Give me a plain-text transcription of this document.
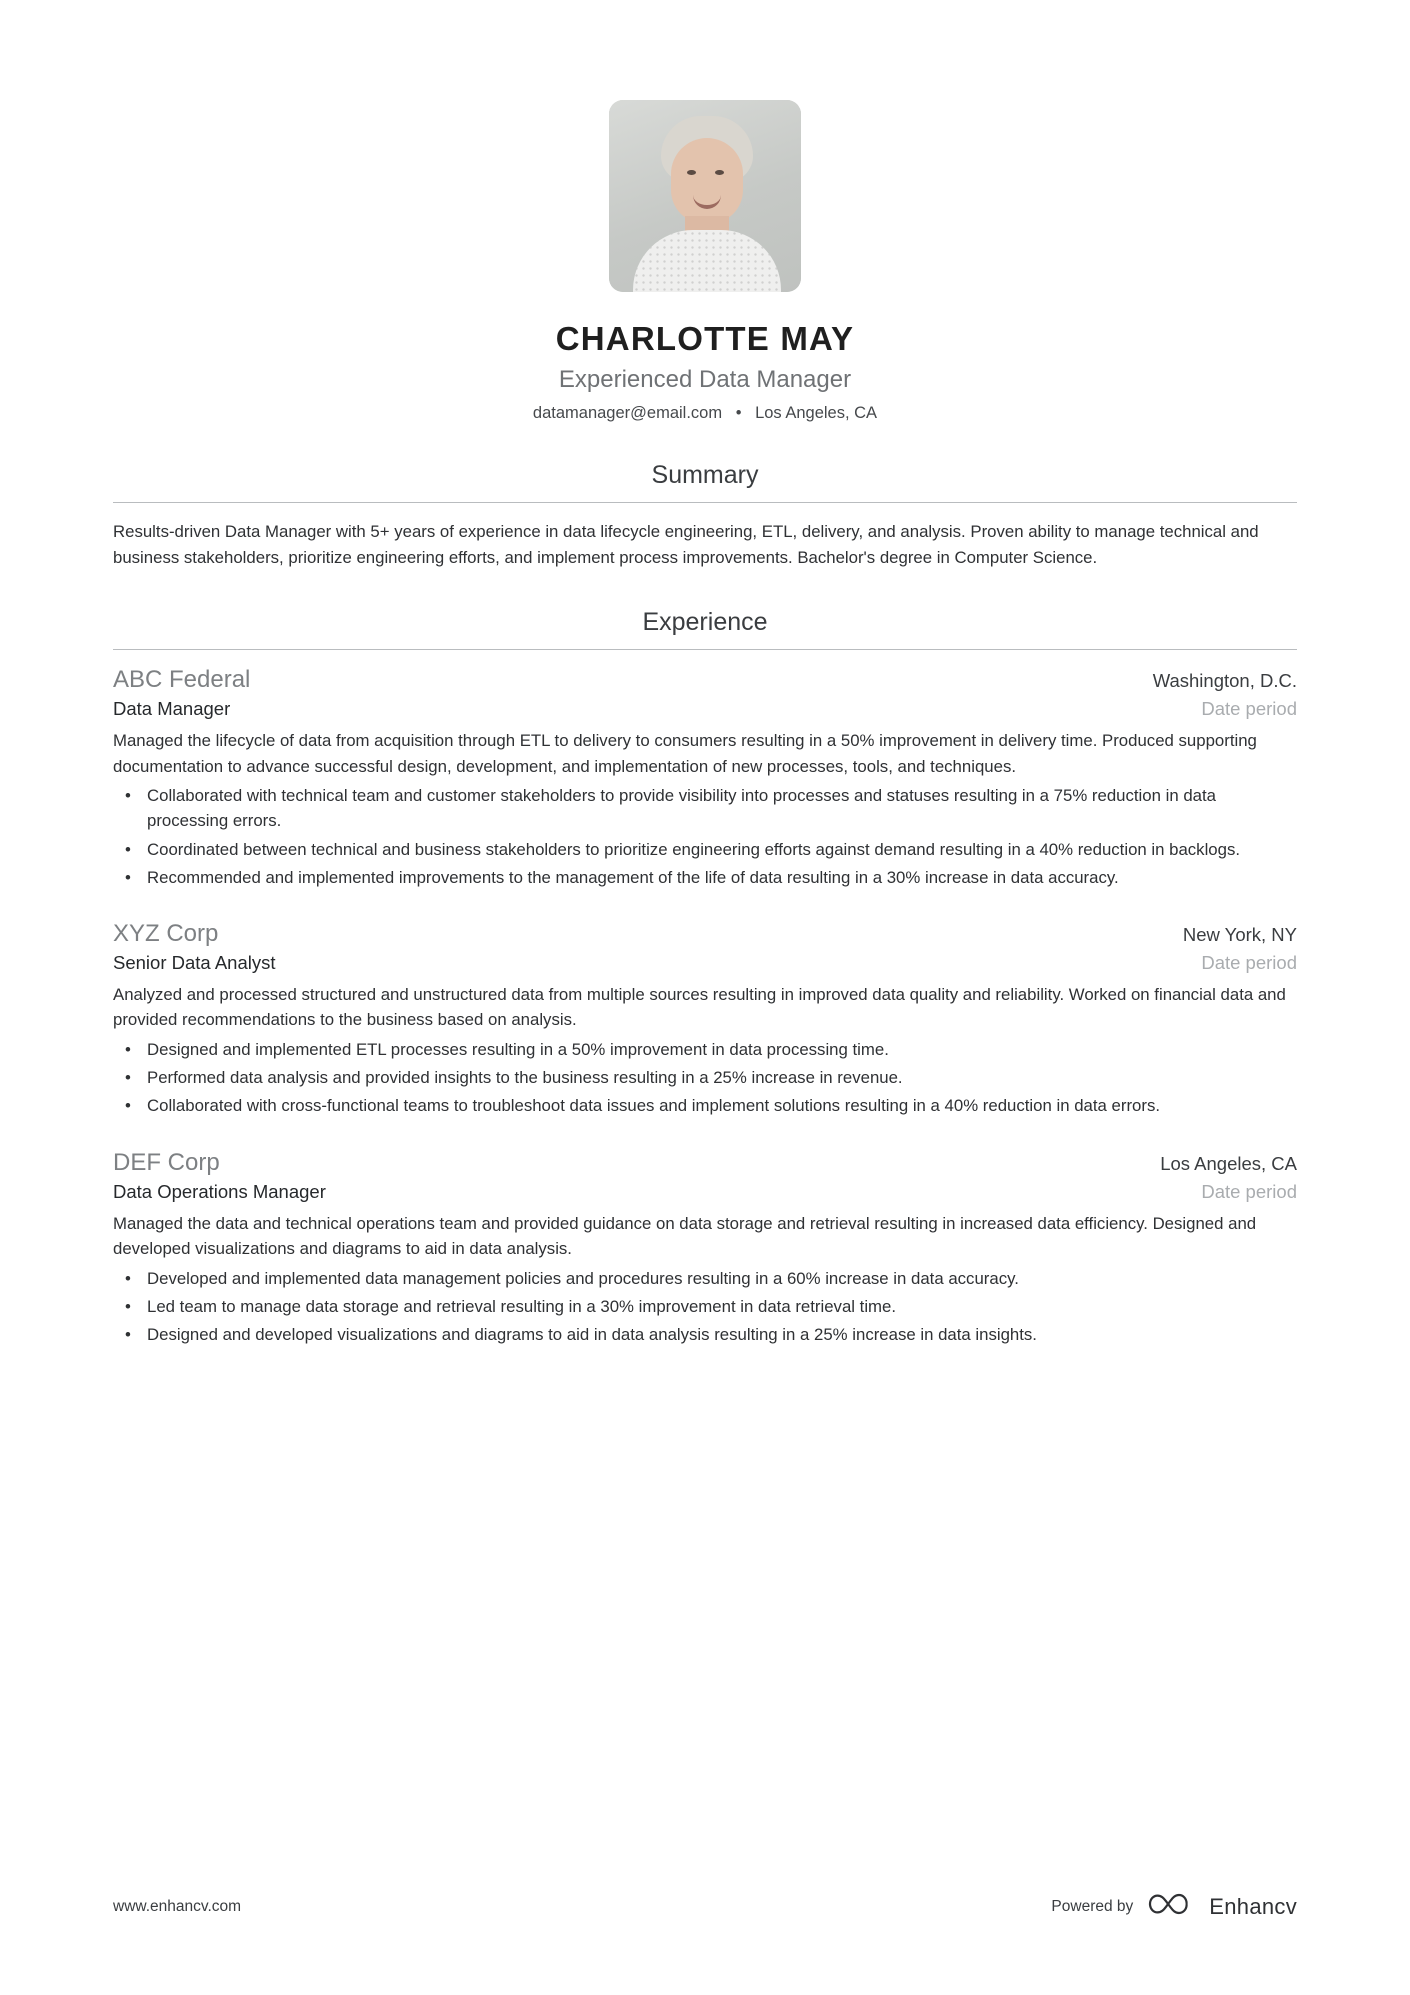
CHARLOTTE MAY
Experienced Data Manager
datamanager@email.com • Los Angeles, CA
Summary

Results-driven Data Manager with 5+ years of experience in data lifecycle engineering, ETL, delivery, and analysis. Proven ability to manage technical and business stakeholders, prioritize engineering efforts, and implement process improvements. Bachelor's degree in Computer Science.

Experience
ABC Federal	Washington, D.C.
Data Manager	Date period

Managed the lifecycle of data from acquisition through ETL to delivery to consumers resulting in a 50% improvement in delivery time. Produced supporting documentation to advance successful design, development, and implementation of new processes, tools, and techniques.

• Collaborated with technical team and customer stakeholders to provide visibility into processes and statuses resulting in a 75% reduction in data processing errors.
• Coordinated between technical and business stakeholders to prioritize engineering efforts against demand resulting in a 40% reduction in backlogs.
• Recommended and implemented improvements to the management of the life of data resulting in a 30% increase in data accuracy.
XYZ Corp	New York, NY
Senior Data Analyst	Date period

Analyzed and processed structured and unstructured data from multiple sources resulting in improved data quality and reliability. Worked on financial data and provided recommendations to the business based on analysis.

• Designed and implemented ETL processes resulting in a 50% improvement in data processing time.
• Performed data analysis and provided insights to the business resulting in a 25% increase in revenue.
• Collaborated with cross-functional teams to troubleshoot data issues and implement solutions resulting in a 40% reduction in data errors.
DEF Corp	Los Angeles, CA
Data Operations Manager	Date period

Managed the data and technical operations team and provided guidance on data storage and retrieval resulting in increased data efficiency. Designed and developed visualizations and diagrams to aid in data analysis.

• Developed and implemented data management policies and procedures resulting in a 60% increase in data accuracy.
• Led team to manage data storage and retrieval resulting in a 30% improvement in data retrieval time.
• Designed and developed visualizations and diagrams to aid in data analysis resulting in a 25% increase in data insights.
www.enhancv.com	Powered by	Enhancv
